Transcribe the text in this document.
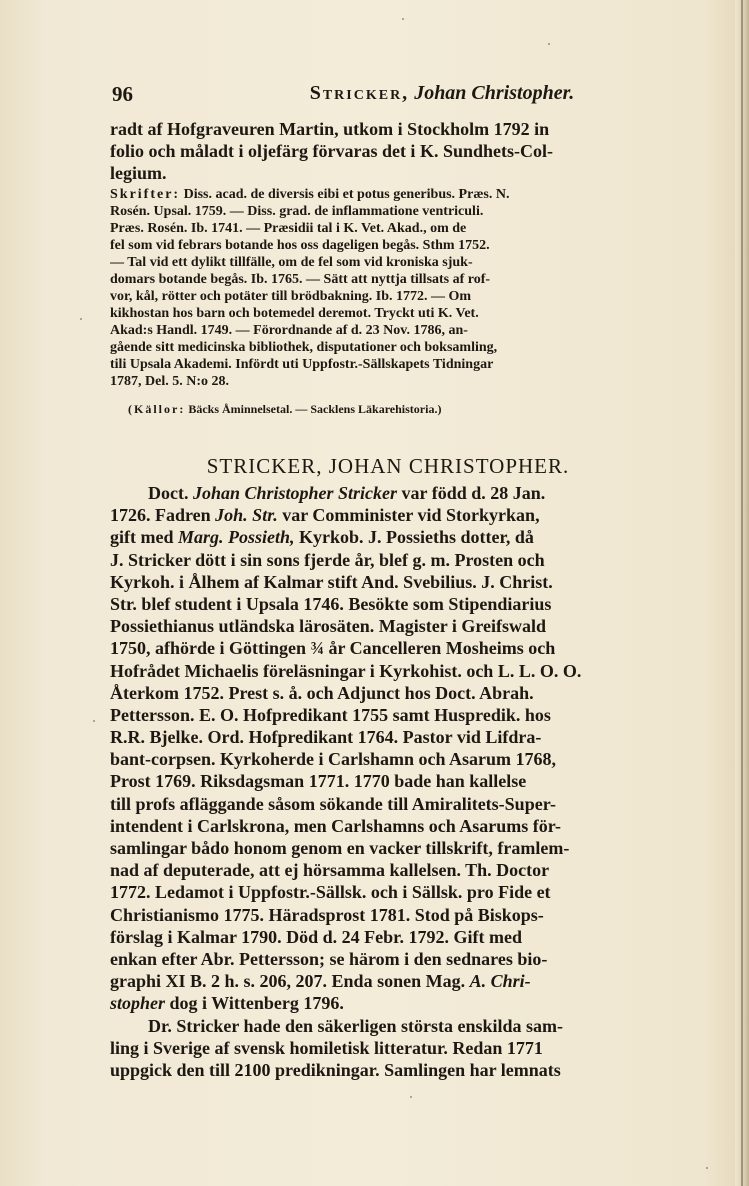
96	Stricker, Johan Christopher.
radt af Hofgraveuren Martin, utkom i Stockholm 1792 in
folio och måladt i oljefärg förvaras det i K. Sundhets-Col-
legium.
Skrifter: Diss. acad. de diversis eibi et potus generibus. Præs. N.
Rosén. Upsal. 1759. — Diss. grad. de inflammatione ventriculi.
Præs. Rosén. Ib. 1741. — Præsidii tal i K. Vet. Akad., om de
fel som vid febrars botande hos oss dageligen begås. Sthm 1752.
— Tal vid ett dylikt tillfälle, om de fel som vid kroniska sjuk-
domars botande begås. Ib. 1765. — Sätt att nyttja tillsats af rof-
vor, kål, rötter och potäter till brödbakning. Ib. 1772. — Om
kikhostan hos barn och botemedel deremot. Tryckt uti K. Vet.
Akad:s Handl. 1749. — Förordnande af d. 23 Nov. 1786, an-
gående sitt medicinska bibliothek, disputationer och boksamling,
tili Upsala Akademi. Infördt uti Uppfostr.-Sällskapets Tidningar
1787, Del. 5. N:o 28.
(Källor: Bäcks Åminnelsetal. — Sacklens Läkarehistoria.)
STRICKER, JOHAN CHRISTOPHER.
Doct. Johan Christopher Stricker var född d. 28 Jan.
1726. Fadren Joh. Str. var Comminister vid Storkyrkan,
gift med Marg. Possieth, Kyrkob. J. Possieths dotter, då
J. Stricker dött i sin sons fjerde år, blef g. m. Prosten och
Kyrkoh. i Ålhem af Kalmar stift And. Svebilius. J. Christ.
Str. blef student i Upsala 1746. Besökte som Stipendiarius
Possiethianus utländska lärosäten. Magister i Greifswald
1750, afhörde i Göttingen ¾ år Cancelleren Mosheims och
Hofrådet Michaelis föreläsningar i Kyrkohist. och L. L. O. O.
Återkom 1752. Prest s. å. och Adjunct hos Doct. Abrah.
Pettersson. E. O. Hofpredikant 1755 samt Huspredik. hos
R.R. Bjelke. Ord. Hofpredikant 1764. Pastor vid Lifdra-
bant-corpsen. Kyrkoherde i Carlshamn och Asarum 1768,
Prost 1769. Riksdagsman 1771. 1770 bade han kallelse
till profs afläggande såsom sökande till Amiralitets-Super-
intendent i Carlskrona, men Carlshamns och Asarums för-
samlingar bådo honom genom en vacker tillskrift, framlem-
nad af deputerade, att ej hörsamma kallelsen. Th. Doctor
1772. Ledamot i Uppfostr.-Sällsk. och i Sällsk. pro Fide et
Christianismo 1775. Häradsprost 1781. Stod på Biskops-
förslag i Kalmar 1790. Död d. 24 Febr. 1792. Gift med
enkan efter Abr. Pettersson; se härom i den sednares bio-
graphi XI B. 2 h. s. 206, 207. Enda sonen Mag. A. Chri-
stopher dog i Wittenberg 1796.
Dr. Stricker hade den säkerligen största enskilda sam-
ling i Sverige af svensk homiletisk litteratur. Redan 1771
uppgick den till 2100 predikningar. Samlingen har lemnats
